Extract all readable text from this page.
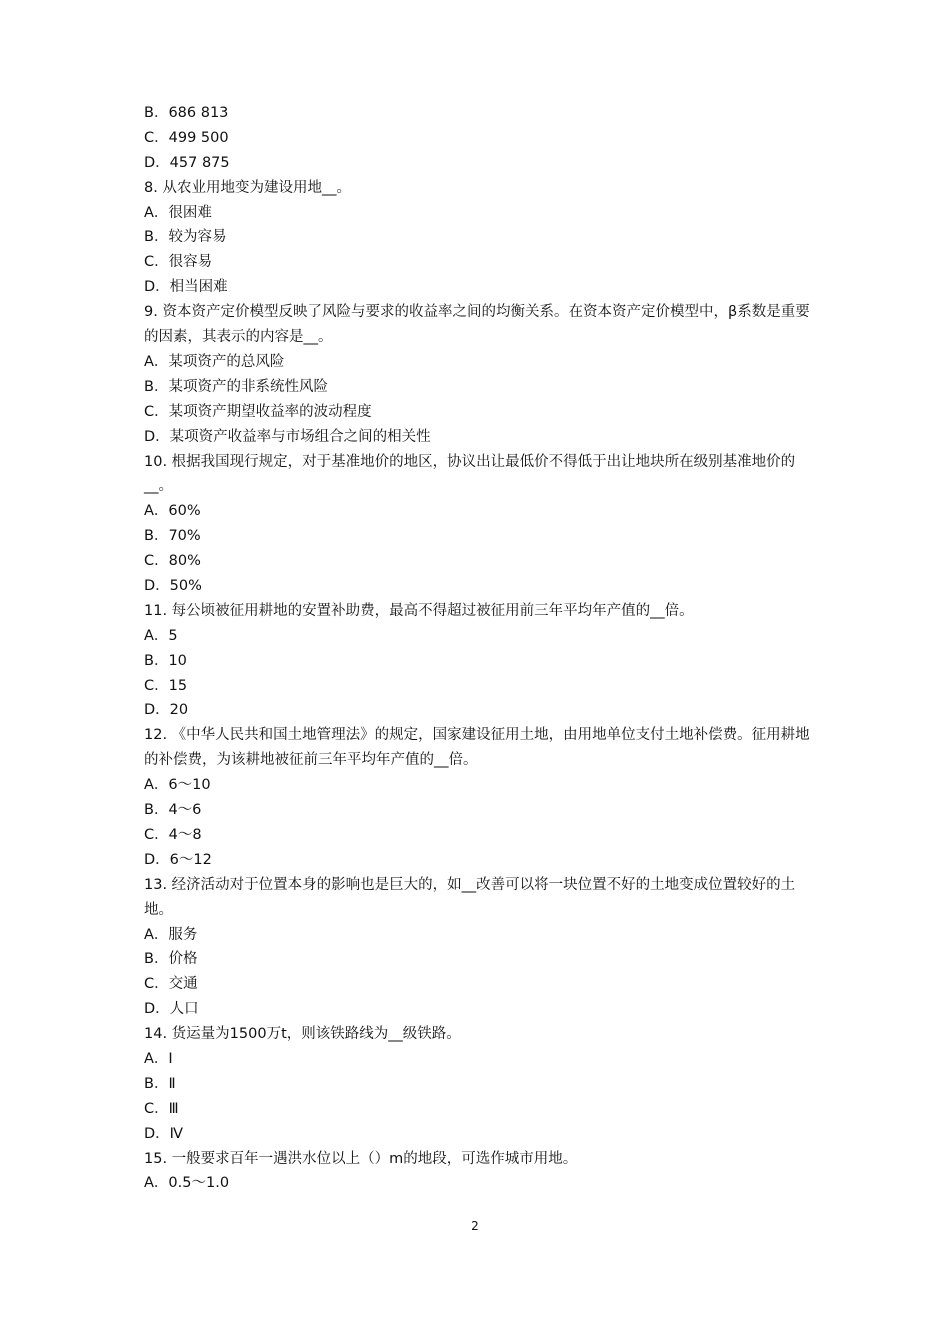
B．686 813
C．499 500
D．457 875
8. 从农业用地变为建设用地__。
A．很困难
B．较为容易
C．很容易
D．相当困难
9. 资本资产定价模型反映了风险与要求的收益率之间的均衡关系。在资本资产定价模型中，β系数是重要的因素，其表示的内容是__。
A．某项资产的总风险
B．某项资产的非系统性风险
C．某项资产期望收益率的波动程度
D．某项资产收益率与市场组合之间的相关性
10. 根据我国现行规定，对于基准地价的地区，协议出让最低价不得低于出让地块所在级别基准地价的__。
A．60%
B．70%
C．80%
D．50%
11. 每公顷被征用耕地的安置补助费，最高不得超过被征用前三年平均年产值的__倍。
A．5
B．10
C．15
D．20
12. 《中华人民共和国土地管理法》的规定，国家建设征用土地，由用地单位支付土地补偿费。征用耕地的补偿费，为该耕地被征前三年平均年产值的__倍。
A．6～10
B．4～6
C．4～8
D．6～12
13. 经济活动对于位置本身的影响也是巨大的，如__改善可以将一块位置不好的土地变成位置较好的土地。
A．服务
B．价格
C．交通
D．人口
14. 货运量为1500万t，则该铁路线为__级铁路。
A．Ⅰ
B．Ⅱ
C．Ⅲ
D．Ⅳ
15. 一般要求百年一遇洪水位以上（）m的地段，可选作城市用地。
A．0.5～1.0
2
